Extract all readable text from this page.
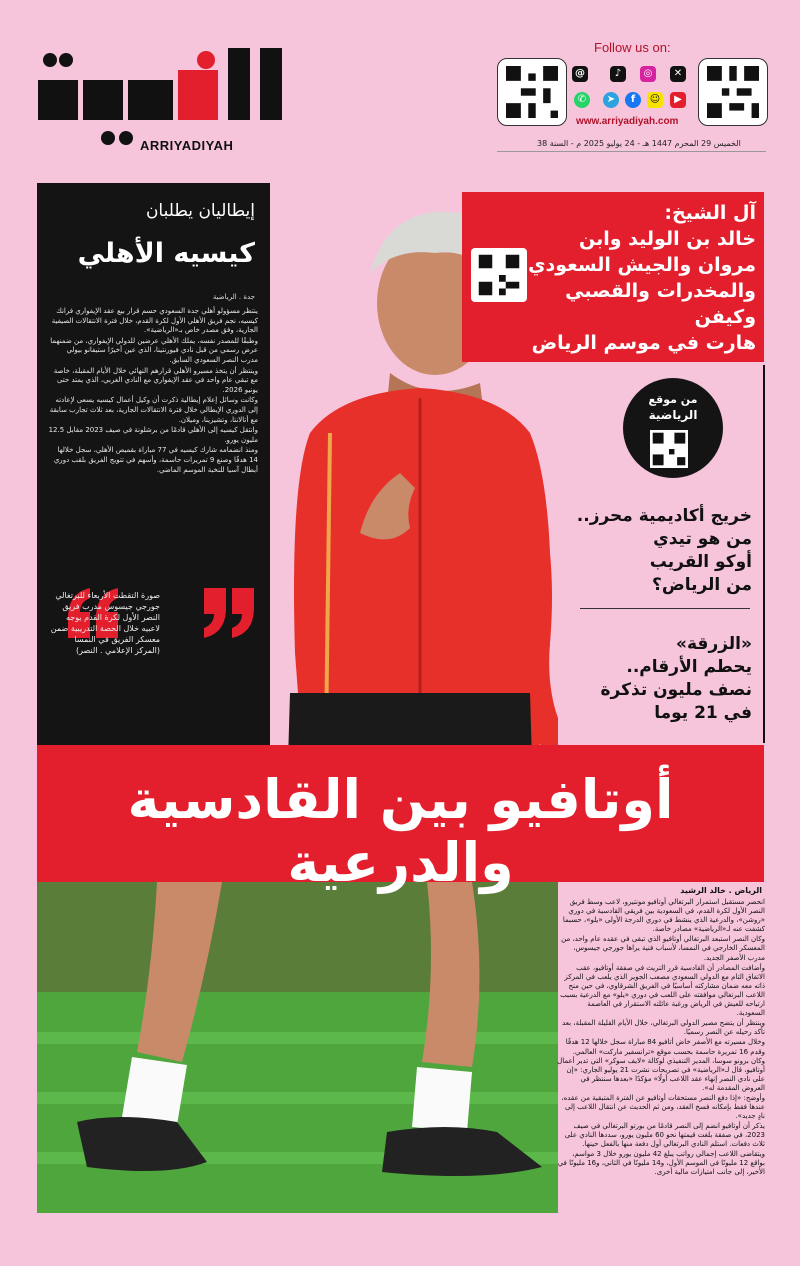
ARRIYADIYAH
Follow us on:
@	♪	◎	✕
✆	➤	f	☺	▶
www.arriyadiyah.com
الخميس 29 المحرم 1447 هـ - 24 يوليو 2025 م - السنة 38
إيطاليان يطلبان
كيسيه الأهلي
جدة . الرياضية

ينتظر مسؤولو أهلي جدة السعودي حسم قرار بيع عقد الإيفواري فرانك كيسيه، نجم فريق الأهلي الأول لكرة القدم، خلال فترة الانتقالات الصيفية الجارية، وفق مصدر خاص بـ«الرياضية».

وطبقًا للمصدر نفسه، يملك الأهلي عرضين للدولي الإيفواري، من ضمنهما عرض رسمي من قبل نادي فيورنتينا، الذي عين أخيرًا ستيفانو بيولي مدرب النصر السعودي السابق.

وينتظر أن يتخذ مسيرو الأهلي قرارهم النهائي خلال الأيام المقبلة، خاصة مع تبقي عام واحد في عقد الإيفواري مع النادي الغربي، الذي يمتد حتى يونيو 2026.

وكانت وسائل إعلام إيطالية ذكرت أن وكيل أعمال كيسيه يسعى لإعادته إلى الدوري الإيطالي خلال فترة الانتقالات الجارية، بعد ثلاث تجارب سابقة مع أتالانتا، وتشيزينا، وميلان.

وانتقل كيسيه إلى الأهلي قادمًا من برشلونة في صيف 2023 مقابل 12.5 مليون يورو.

ومنذ انضمامه شارك كيسيه في 77 مباراة بقميص الأهلي، سجل خلالها 14 هدفًا وصنع 9 تمريرات حاسمة، وأسهم في تتويج الفريق بلقب دوري أبطال آسيا للنخبة الموسم الماضي.

صورة التقطت الأربعاء للبرتغالي جورجي جيسوس مدرب فريق النصر الأول لكرة القدم يوجه لاعبيه خلال الحصة التدريبية ضمن معسكر الفريق في النمسا (المركز الإعلامي . النصر)
آل الشيخ:
خالد بن الوليد وابن
مروان والجيش السعودي
والمخدرات والقصبي وكيفن
هارت في موسم الرياض
من موقع
الرياضية
خريج أكاديمية محرز..
من هو تيدي
أوكو القريب
من الرياض؟
«الزرقة»
يحطم الأرقام..
نصف مليون تذكرة
في 21 يوما
أوتافيو بين القادسية والدرعية	الرياض . خالد الرشيد

انحصر مستقبل استمرار البرتغالي أوتافيو مونتيرو، لاعب وسط فريق النصر الأول لكرة القدم، في السعودية بين فريقي القادسية في دوري «روشن»، والدرعية الذي ينشط في دوري الدرجة الأولى «يلو»، حسبما كشفت عنه لـ«الرياضية» مصادر خاصة.

وكان النصر استبعد البرتغالي أوتافيو الذي تبقى في عقده عام واحد، من المعسكر الخارجي في النمسا، لأسباب فنية يراها جورجي جيسوس، مدرب الأصفر الجديد.

وأضافت المصادر أن القادسية قرر التريث في صفقة أوتافيو، عقب الاتفاق التام مع الدولي السعودي مصعب الجوير الذي يلعب في المركز ذاته معه ضمان مشاركته أساسيًا في الفريق الشرقاوي، في حين منح اللاعب البرتغالي موافقته على اللعب في دوري «يلو» مع الدرعية بسبب ارتياحه للعيش في الرياض ورغبة عائلته الاستقرار في العاصمة السعودية.

وينتظر أن يتضح مصير الدولي البرتغالي، خلال الأيام القليلة المقبلة، بعد تأكد رحيله عن النصر رسميًا.

وخلال مسيرته مع الأصفر خاض أتافيو 84 مباراة سجل خلالها 12 هدفًا وقدم 16 تمريرة حاسمة بحسب موقع «ترانسفير ماركت» العالمي. وكان برونو سوسا، المدير التنفيذي لوكالة «لايف سوكر» التي تدير أعمال أوتافيو، قال لـ«الرياضية» في تصريحات نشرت 21 يوليو الجاري: «إن على نادي النصر إنهاء عقد اللاعب أولًا» مؤكدًا «بعدها سننظر في العروض المقدمة له».

وأوضح: «إذا دفع النصر مستحقات أوتافيو عن الفترة المتبقية من عقده، عندها فقط بإمكانه فسخ العقد، ومن ثم الحديث عن انتقال اللاعب إلى نادٍ جديد».

يذكر أن أوتافيو انضم إلى النصر قادمًا من بورتو البرتغالي في صيف 2023، في صفقة بلغت قيمتها نحو 60 مليون يورو، سددها النادي على ثلاث دفعات. استلم النادي البرتغالي أول دفعة منها بالفعل حينها. ويتقاضى اللاعب إجمالي رواتب يبلغ 42 مليون يورو خلال 3 مواسم، بواقع 12 مليونًا في الموسم الأول، و14 مليونًا في الثاني، و16 مليونًا في الأخير، إلى جانب امتيازات مالية أخرى.
